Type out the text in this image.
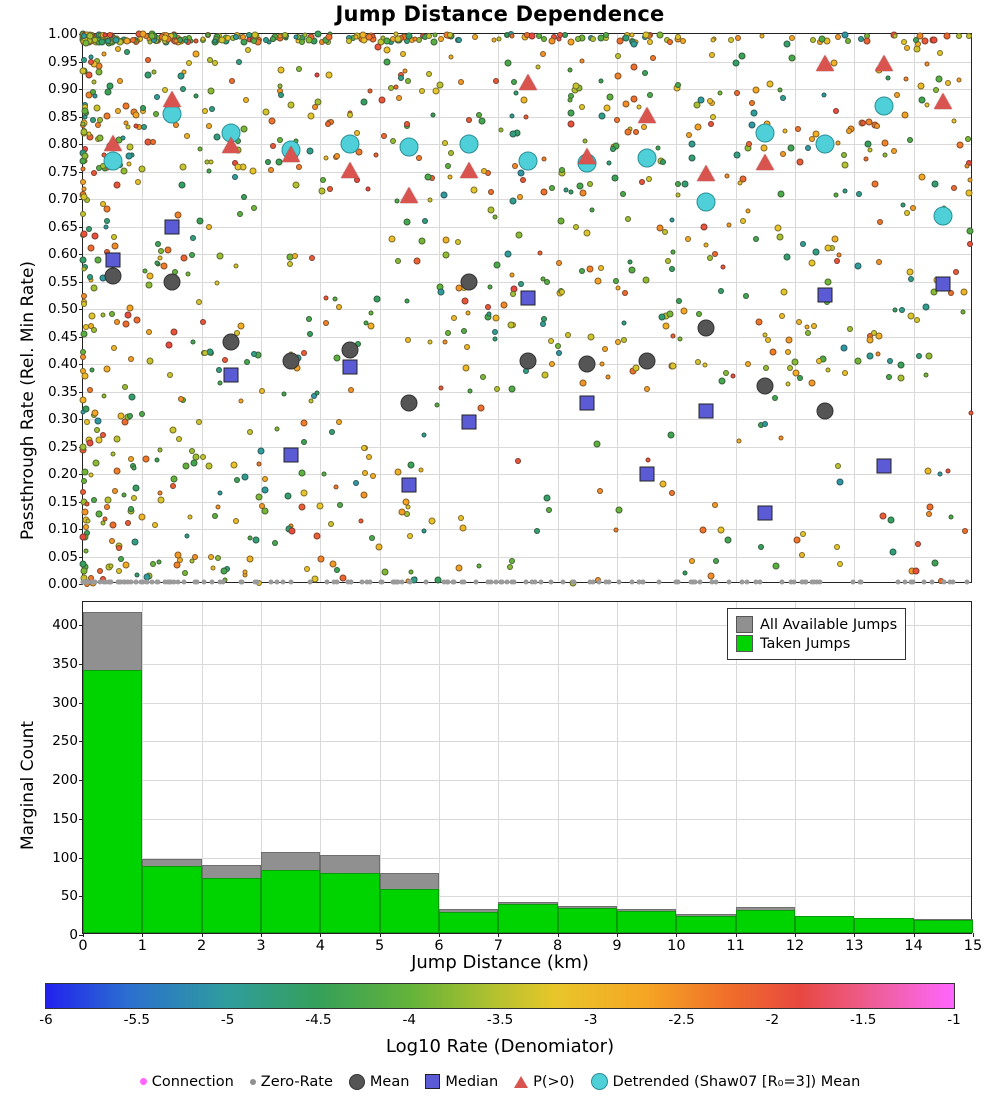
Jump Distance Dependence
1.00
0.95
0.90
0.85
0.80
0.75
0.70
0.65
0.60
0.55
0.50
0.45
0.40
0.35
0.30
0.25
0.20
0.15
0.10
0.05
0.00
Passthrough Rate (Rel. Min Rate)
400
350
300
250
200
150
100
50
0
0	1	2	3	4	5	6	7	8	9	10	11	12	13	14	15
Marginal Count
Jump Distance (km)
All Available Jumps
Taken Jumps
-6	-5.5	-5	-4.5	-4	-3.5	-3	-2.5	-2	-1.5	-1
Log10 Rate (Denomiator)
Connection Zero-Rate	Mean Median P(>0)	Detrended (Shaw07 [R₀=3]) Mean
